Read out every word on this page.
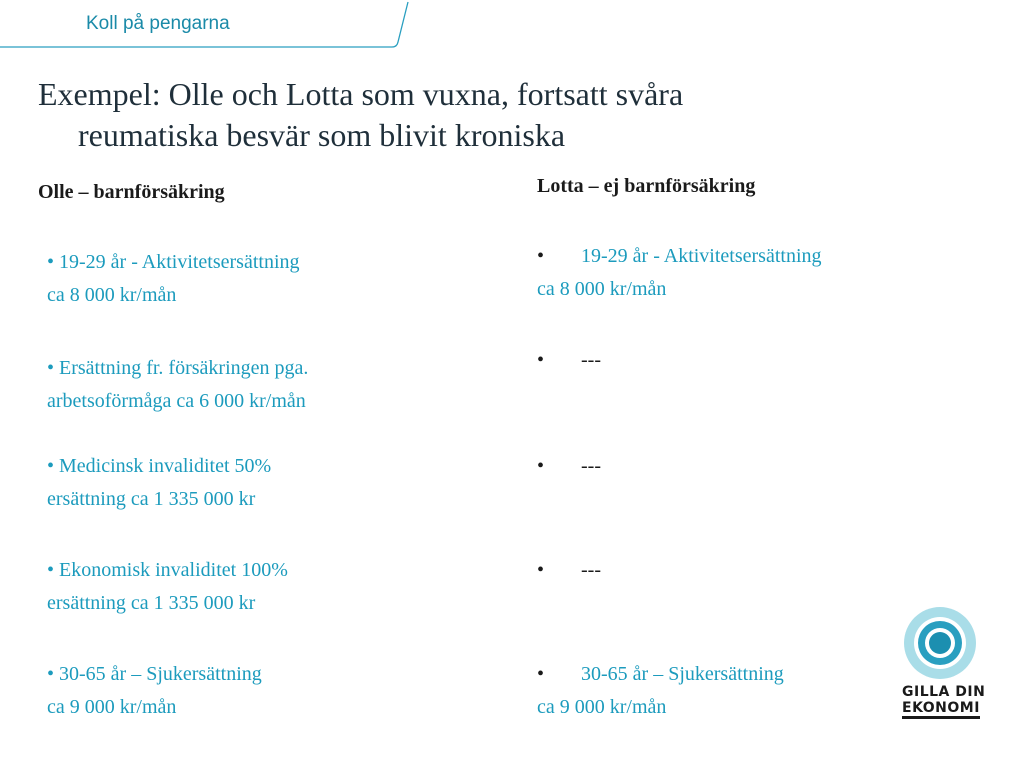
Koll på pengarna
Exempel: Olle och Lotta som vuxna, fortsatt svåra
reumatiska besvär som blivit kroniska
Olle – barnförsäkring
• 19-29 år - Aktivitetsersättning
ca 8 000 kr/mån
• Ersättning fr. försäkringen pga.
arbetsoförmåga ca 6 000 kr/mån
• Medicinsk invaliditet 50%
ersättning ca 1 335 000 kr
• Ekonomisk invaliditet 100%
ersättning ca 1 335 000 kr
• 30-65 år – Sjukersättning
ca 9 000 kr/mån
Lotta – ej barnförsäkring
• 19-29 år - Aktivitetsersättning
ca 8 000 kr/mån
• ---
• ---
• ---
• 30-65 år – Sjukersättning
ca 9 000 kr/mån
GILLA DIN
EKONOMI
